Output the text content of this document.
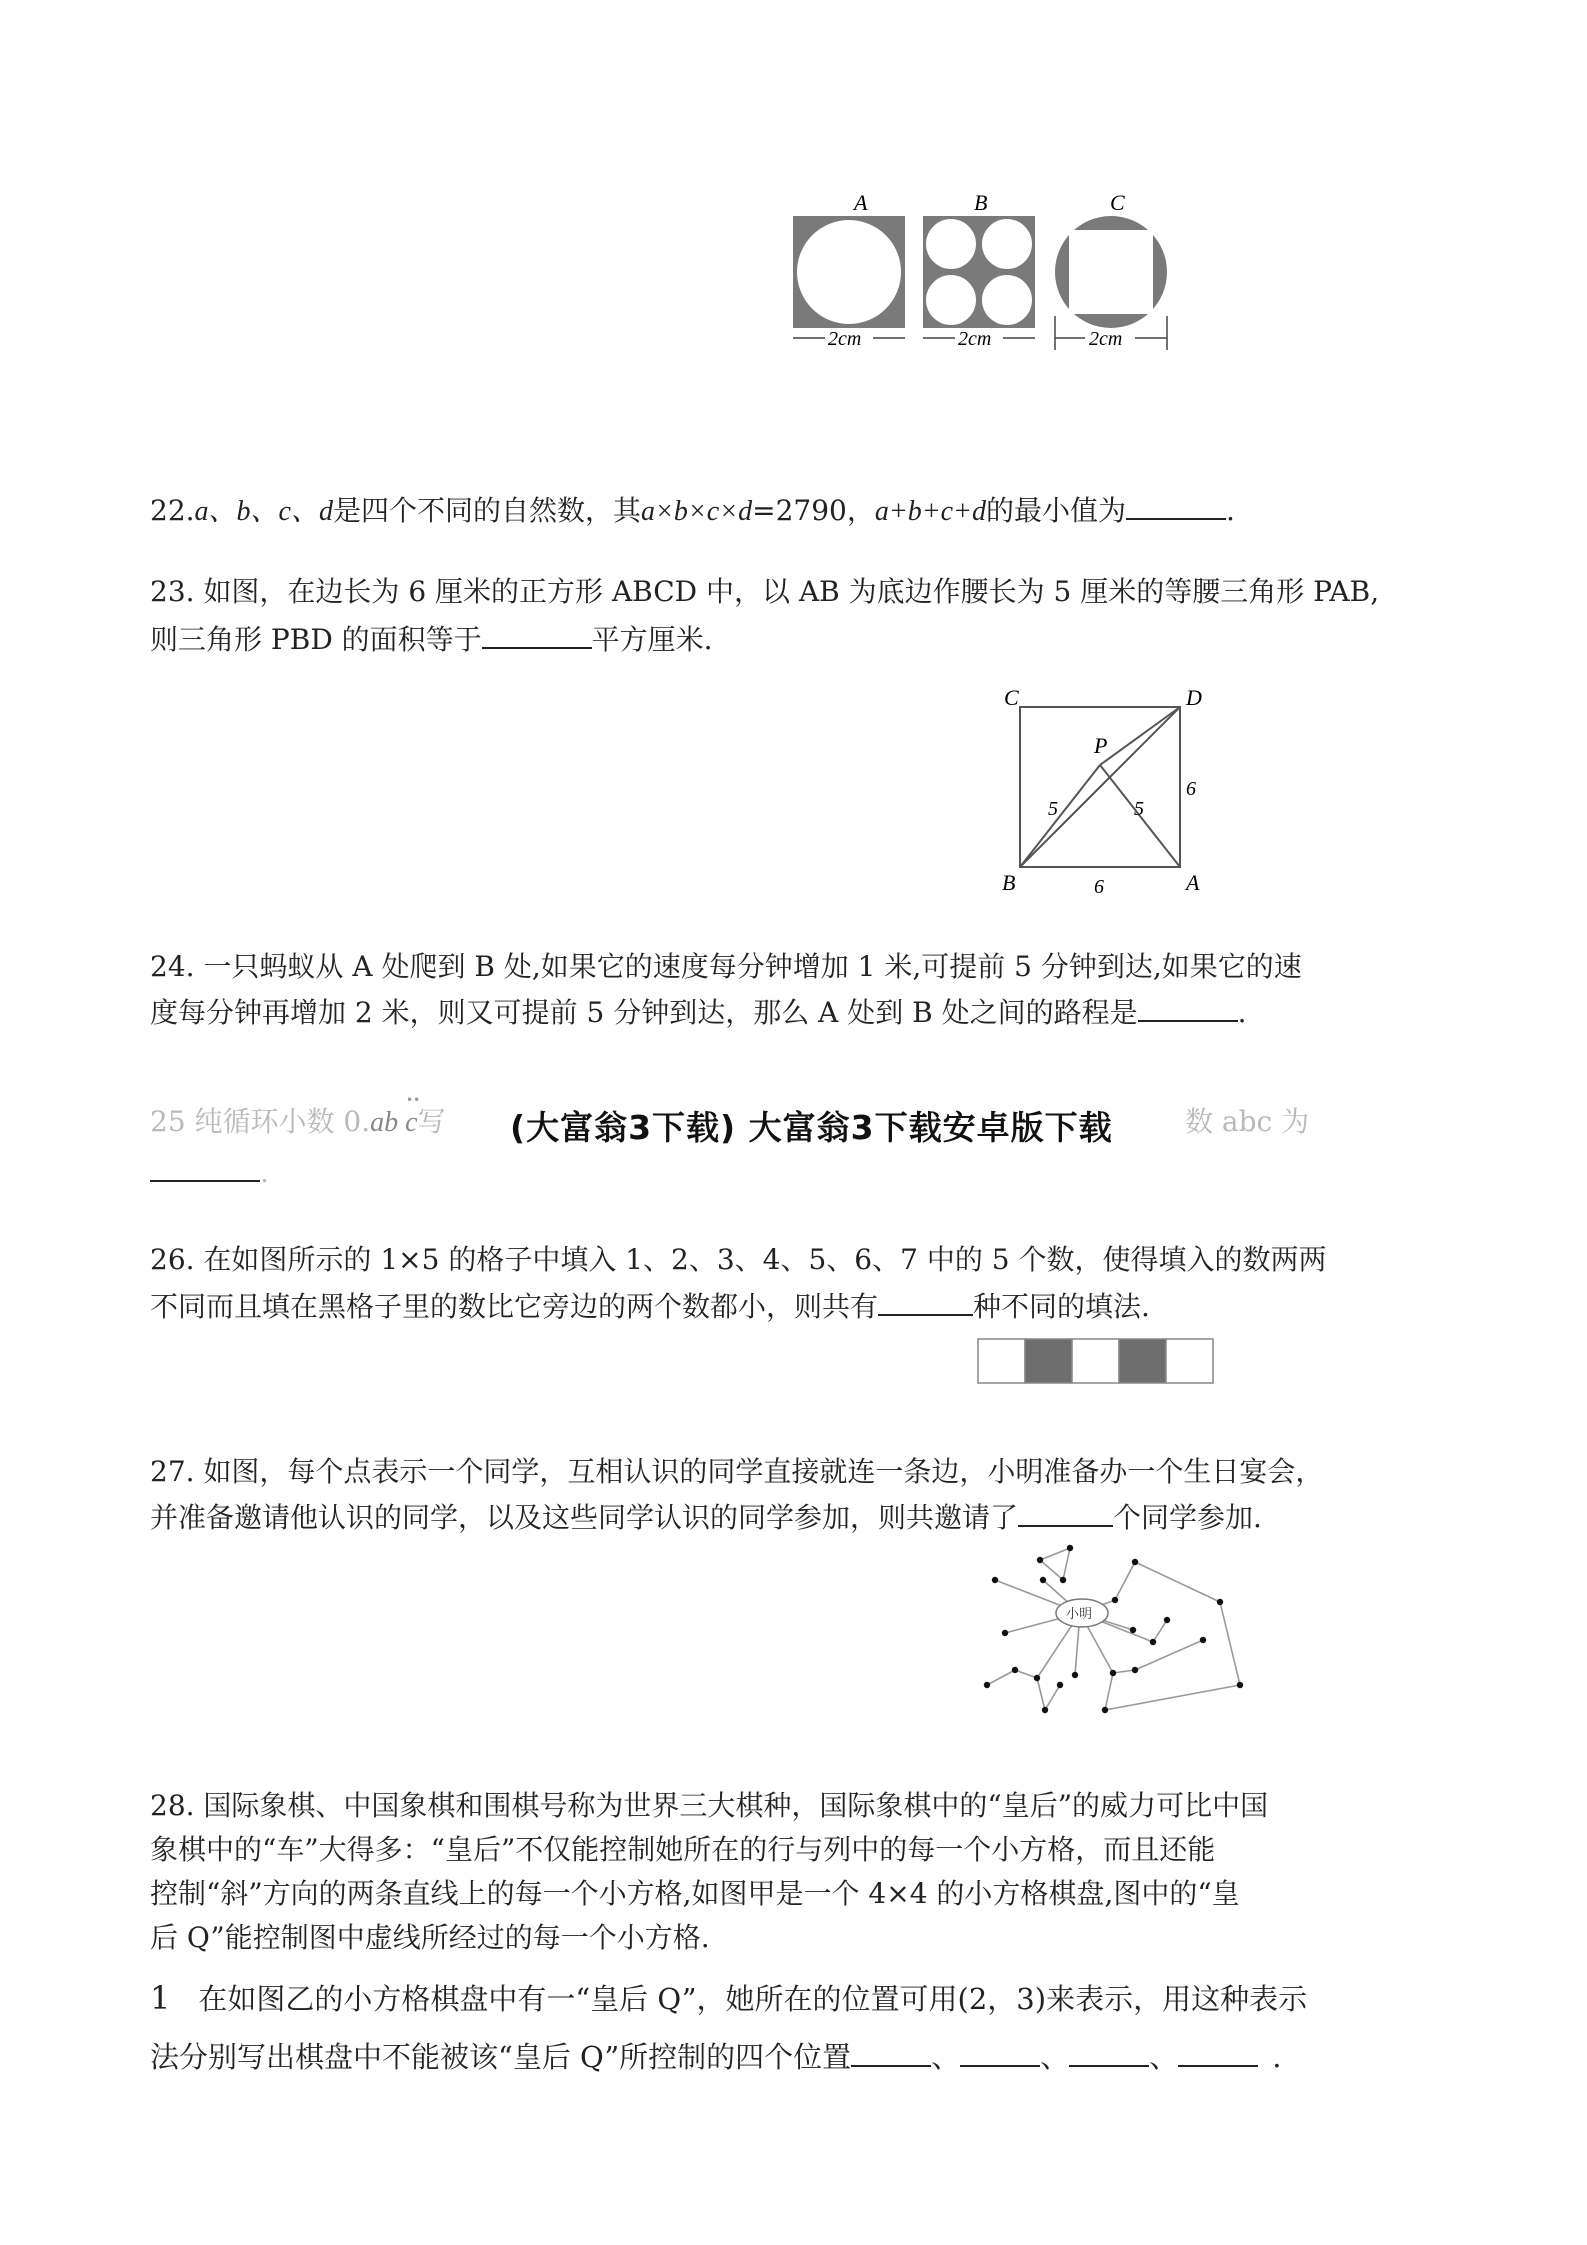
A	B	C
2cm	2cm	2cm
22.a、b、c、d是四个不同的自然数，其a×b×c×d=2790，a+b+c+d的最小值为	.
23. 如图，在边长为 6 厘米的正方形 ABCD 中，以 AB 为底边作腰长为 5 厘米的等腰三角形 PAB,
则三角形 PBD 的面积等于	平方厘米.
C	D
P
B	A
6
6
5	5
24. 一只蚂蚁从 A 处爬到 B 处,如果它的速度每分钟增加 1 米,可提前 5 分钟到达,如果它的速
度每分钟再增加 2 米，则又可提前 5 分钟到达，那么 A 处到 B 处之间的路程是	.
25 纯循环小数 0.ab c写	数 abc 为
••
.
(大富翁3下载) 大富翁3下载安卓版下载
26. 在如图所示的 1×5 的格子中填入 1、2、3、4、5、6、7 中的 5 个数，使得填入的数两两
不同而且填在黑格子里的数比它旁边的两个数都小，则共有	种不同的填法.
27. 如图，每个点表示一个同学，互相认识的同学直接就连一条边，小明准备办一个生日宴会，
并准备邀请他认识的同学，以及这些同学认识的同学参加，则共邀请了	个同学参加.
小明
28. 国际象棋、中国象棋和围棋号称为世界三大棋种，国际象棋中的“皇后”的威力可比中国
象棋中的“车”大得多：“皇后”不仅能控制她所在的行与列中的每一个小方格，而且还能
控制“斜”方向的两条直线上的每一个小方格,如图甲是一个 4×4 的小方格棋盘,图中的“皇
后 Q”能控制图中虚线所经过的每一个小方格.
1 在如图乙的小方格棋盘中有一“皇后 Q”，她所在的位置可用(2，3)来表示，用这种表示
法分别写出棋盘中不能被该“皇后 Q”所控制的四个位置	、	、	、	.
